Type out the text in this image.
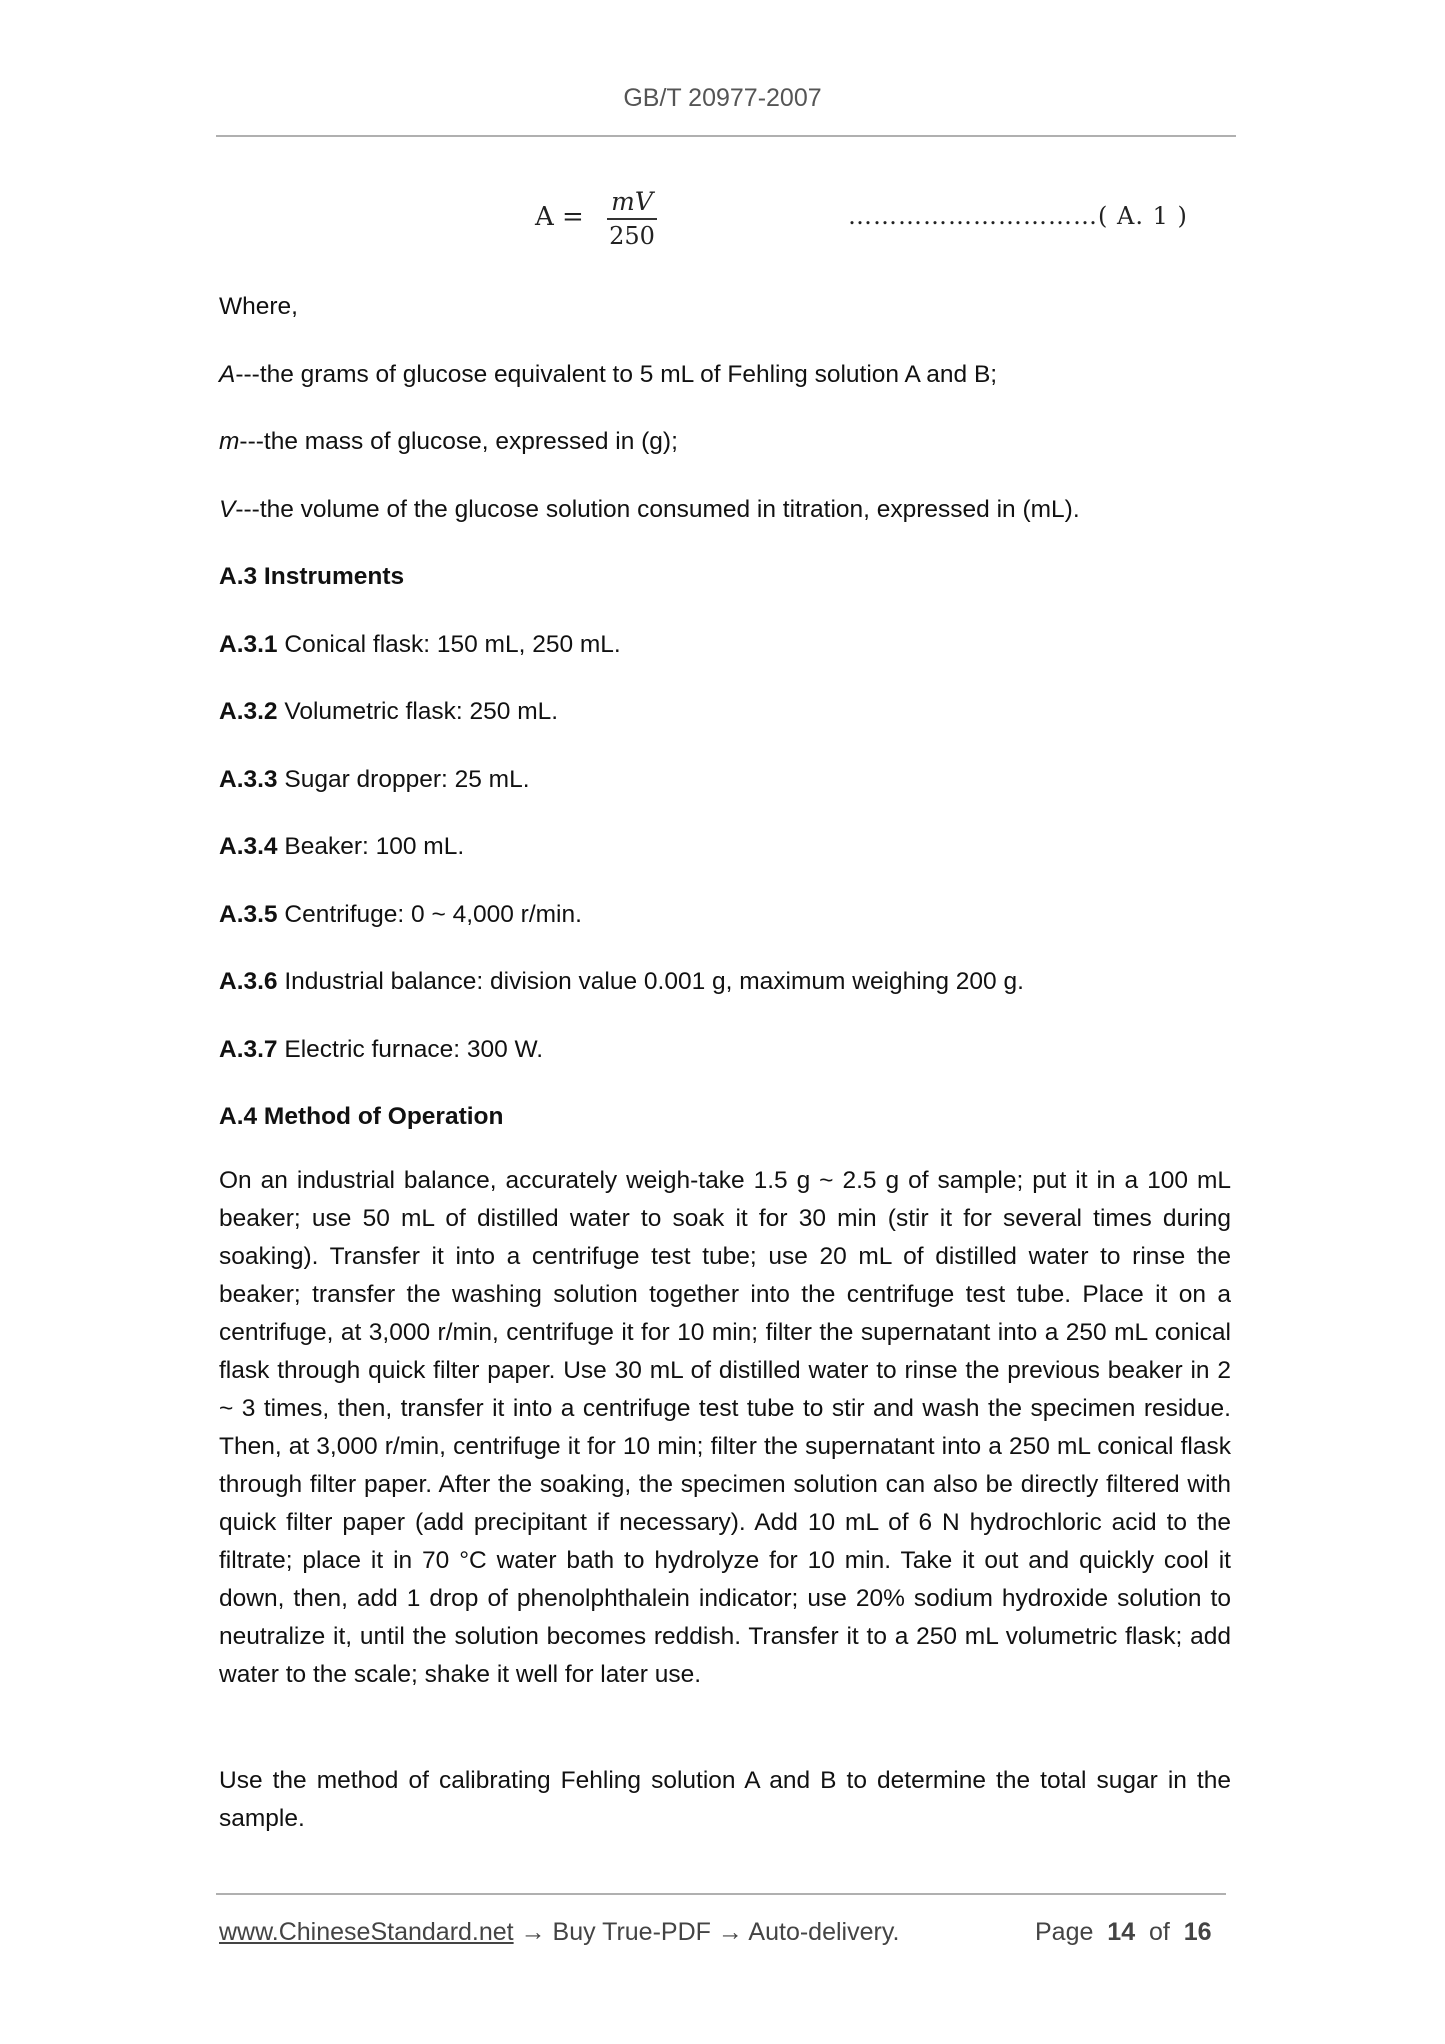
GB/T 20977-2007
A =
mV
250
…………………………( A. 1 )
Where,
A---the grams of glucose equivalent to 5 mL of Fehling solution A and B;
m---the mass of glucose, expressed in (g);
V---the volume of the glucose solution consumed in titration, expressed in (mL).
A.3 Instruments
A.3.1 Conical flask: 150 mL, 250 mL.
A.3.2 Volumetric flask: 250 mL.
A.3.3 Sugar dropper: 25 mL.
A.3.4 Beaker: 100 mL.
A.3.5 Centrifuge: 0 ~ 4,000 r/min.
A.3.6 Industrial balance: division value 0.001 g, maximum weighing 200 g.
A.3.7 Electric furnace: 300 W.
A.4 Method of Operation
On an industrial balance, accurately weigh-take 1.5 g ~ 2.5 g of sample; put it in a 100 mL beaker; use 50 mL of distilled water to soak it for 30 min (stir it for several times during soaking). Transfer it into a centrifuge test tube; use 20 mL of distilled water to rinse the beaker; transfer the washing solution together into the centrifuge test tube. Place it on a centrifuge, at 3,000 r/min, centrifuge it for 10 min; filter the supernatant into a 250 mL conical flask through quick filter paper. Use 30 mL of distilled water to rinse the previous beaker in 2 ~ 3 times, then, transfer it into a centrifuge test tube to stir and wash the specimen residue. Then, at 3,000 r/min, centrifuge it for 10 min; filter the supernatant into a 250 mL conical flask through filter paper. After the soaking, the specimen solution can also be directly filtered with quick filter paper (add precipitant if necessary). Add 10 mL of 6 N hydrochloric acid to the filtrate; place it in 70 °C water bath to hydrolyze for 10 min. Take it out and quickly cool it down, then, add 1 drop of phenolphthalein indicator; use 20% sodium hydroxide solution to neutralize it, until the solution becomes reddish. Transfer it to a 250 mL volumetric flask; add water to the scale; shake it well for later use.
Use the method of calibrating Fehling solution A and B to determine the total sugar in the sample.
www.ChineseStandard.net → Buy True-PDF → Auto-delivery.	Page 14 of 16
